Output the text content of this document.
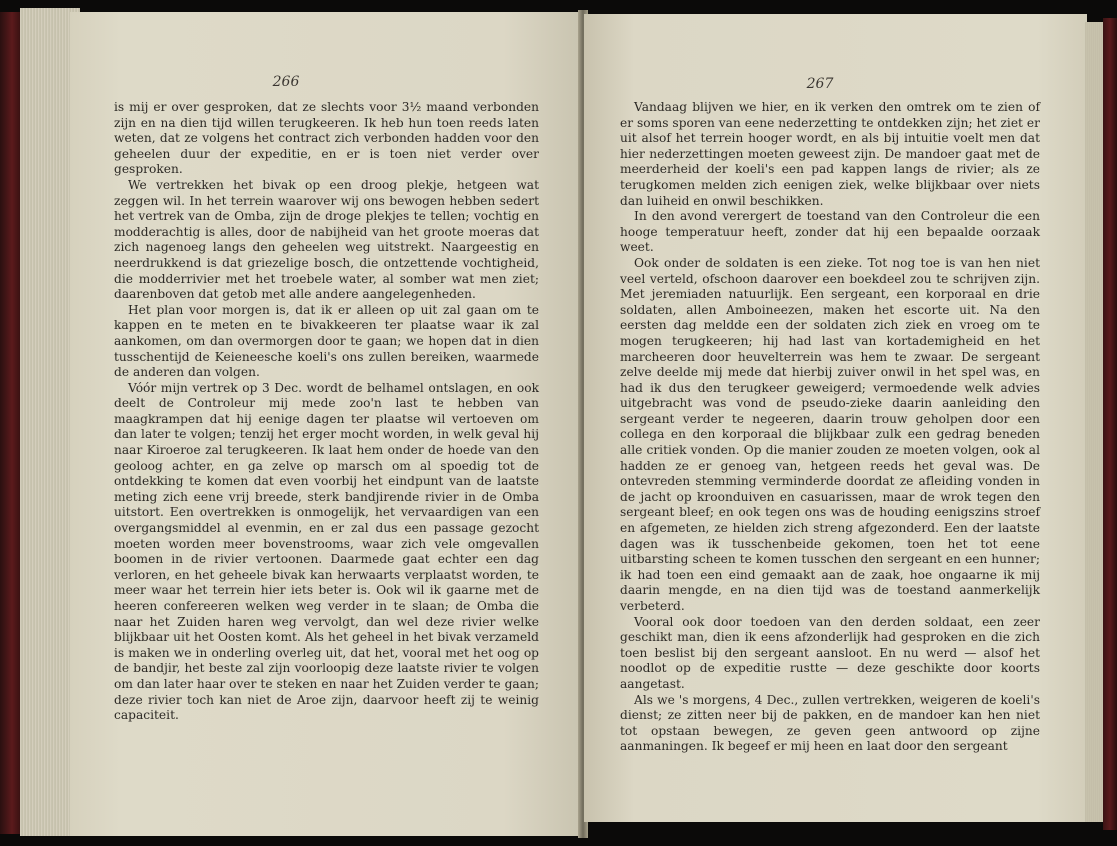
266

is mij er over gesproken, dat ze slechts voor 3½ maand verbonden zijn en na dien tijd willen terugkeeren. Ik heb hun toen reeds laten weten, dat ze volgens het contract zich verbonden hadden voor den geheelen duur der expeditie, en er is toen niet verder over gesproken.

We vertrekken het bivak op een droog plekje, hetgeen wat zeggen wil. In het terrein waarover wij ons bewogen hebben sedert het vertrek van de Omba, zijn de droge plekjes te tellen; vochtig en modderachtig is alles, door de nabijheid van het groote moeras dat zich nagenoeg langs den geheelen weg uitstrekt. Naargeestig en neerdrukkend is dat griezelige bosch, die ontzettende vochtigheid, die modderrivier met het troebele water, al somber wat men ziet; daarenboven dat getob met alle andere aangelegenheden.

Het plan voor morgen is, dat ik er alleen op uit zal gaan om te kappen en te meten en te bivakkeeren ter plaatse waar ik zal aankomen, om dan overmorgen door te gaan; we hopen dat in dien tusschentijd de Keieneesche koeli's ons zullen bereiken, waarmede de anderen dan volgen.

Vóór mijn vertrek op 3 Dec. wordt de belhamel ontslagen, en ook deelt de Controleur mij mede zoo'n last te hebben van maagkrampen dat hij eenige dagen ter plaatse wil vertoeven om dan later te volgen; tenzij het erger mocht worden, in welk geval hij naar Kiroeroe zal terugkeeren. Ik laat hem onder de hoede van den geoloog achter, en ga zelve op marsch om al spoedig tot de ontdekking te komen dat even voorbij het eindpunt van de laatste meting zich eene vrij breede, sterk bandjirende rivier in de Omba uitstort. Een overtrekken is onmogelijk, het vervaardigen van een overgangsmiddel al evenmin, en er zal dus een passage gezocht moeten worden meer bovenstrooms, waar zich vele omgevallen boomen in de rivier vertoonen. Daarmede gaat echter een dag verloren, en het geheele bivak kan herwaarts verplaatst worden, te meer waar het terrein hier iets beter is. Ook wil ik gaarne met de heeren confereeren welken weg verder in te slaan; de Omba die naar het Zuiden haren weg vervolgt, dan wel deze rivier welke blijkbaar uit het Oosten komt. Als het geheel in het bivak verzameld is maken we in onderling overleg uit, dat het, vooral met het oog op de bandjir, het beste zal zijn voorloopig deze laatste rivier te volgen om dan later haar over te steken en naar het Zuiden verder te gaan; deze rivier toch kan niet de Aroe zijn, daarvoor heeft zij te weinig capaciteit.

267

Vandaag blijven we hier, en ik verken den omtrek om te zien of er soms sporen van eene nederzetting te ontdekken zijn; het ziet er uit alsof het terrein hooger wordt, en als bij intuitie voelt men dat hier nederzettingen moeten geweest zijn. De mandoer gaat met de meerderheid der koeli's een pad kappen langs de rivier; als ze terugkomen melden zich eenigen ziek, welke blijkbaar over niets dan luiheid en onwil beschikken.

In den avond verergert de toestand van den Controleur die een hooge temperatuur heeft, zonder dat hij een bepaalde oorzaak weet.

Ook onder de soldaten is een zieke. Tot nog toe is van hen niet veel verteld, ofschoon daarover een boekdeel zou te schrijven zijn. Met jeremiaden natuurlijk. Een sergeant, een korporaal en drie soldaten, allen Amboineezen, maken het escorte uit. Na den eersten dag meldde een der soldaten zich ziek en vroeg om te mogen terugkeeren; hij had last van kortademigheid en het marcheeren door heuvelterrein was hem te zwaar. De sergeant zelve deelde mij mede dat hierbij zuiver onwil in het spel was, en had ik dus den terugkeer geweigerd; vermoedende welk advies uitgebracht was vond de pseudo-zieke daarin aanleiding den sergeant verder te negeeren, daarin trouw geholpen door een collega en den korporaal die blijkbaar zulk een gedrag beneden alle critiek vonden. Op die manier zouden ze moeten volgen, ook al hadden ze er genoeg van, hetgeen reeds het geval was. De ontevreden stemming verminderde doordat ze afleiding vonden in de jacht op kroonduiven en casuarissen, maar de wrok tegen den sergeant bleef; en ook tegen ons was de houding eenigszins stroef en afgemeten, ze hielden zich streng afgezonderd. Een der laatste dagen was ik tusschenbeide gekomen, toen het tot eene uitbarsting scheen te komen tusschen den sergeant en een hunner; ik had toen een eind gemaakt aan de zaak, hoe ongaarne ik mij daarin mengde, en na dien tijd was de toestand aanmerkelijk verbeterd.

Vooral ook door toedoen van den derden soldaat, een zeer geschikt man, dien ik eens afzonderlijk had gesproken en die zich toen beslist bij den sergeant aansloot. En nu werd — alsof het noodlot op de expeditie rustte — deze geschikte door koorts aangetast.

Als we 's morgens, 4 Dec., zullen vertrekken, weigeren de koeli's dienst; ze zitten neer bij de pakken, en de mandoer kan hen niet tot opstaan bewegen, ze geven geen antwoord op zijne aanmaningen. Ik begeef er mij heen en laat door den sergeant
